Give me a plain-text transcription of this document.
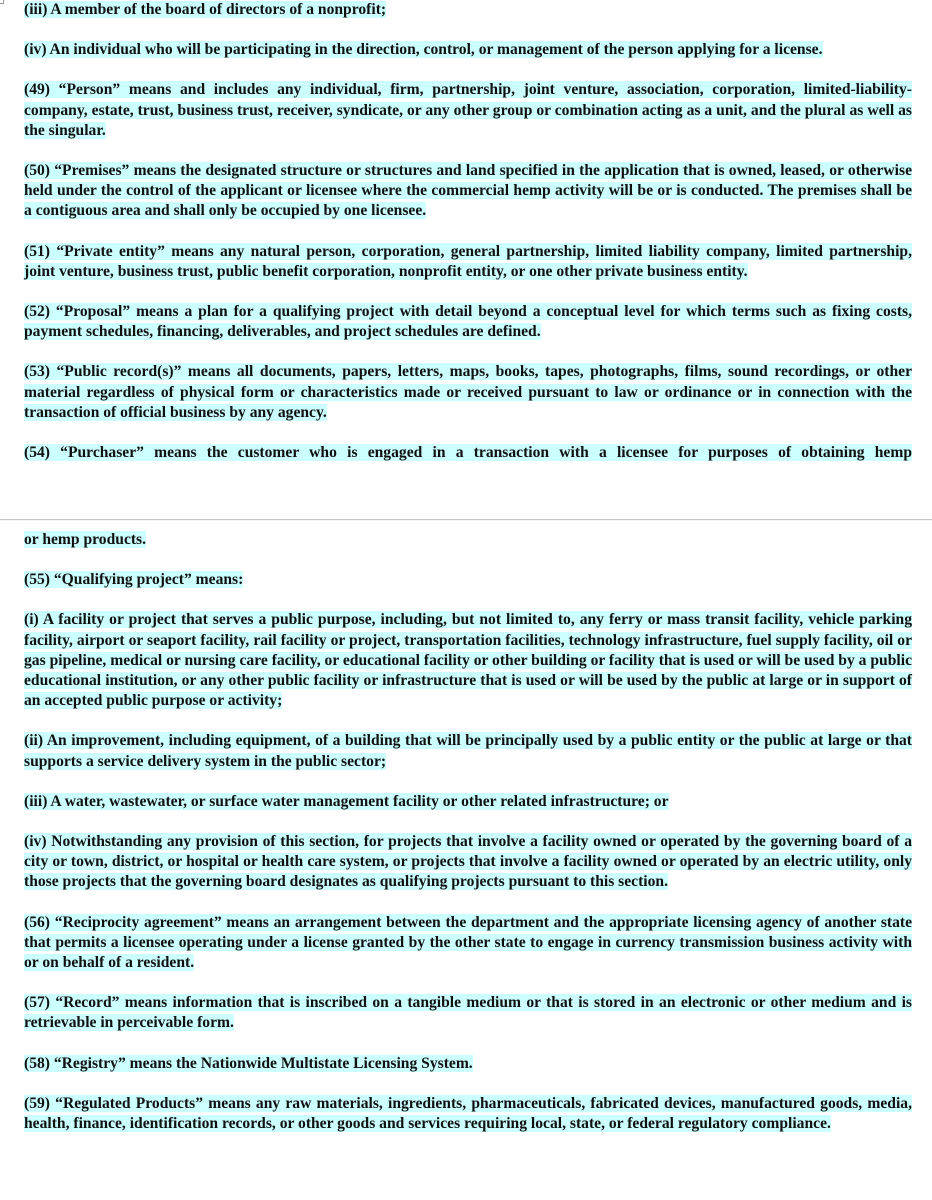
(iii) A member of the board of directors of a nonprofit;

(iv) An individual who will be participating in the direction, control, or management of the person applying for a license.

(49) “Person” means and includes any individual, firm, partnership, joint venture, association, corporation, limited-liability-company, estate, trust, business trust, receiver, syndicate, or any other group or combination acting as a unit, and the plural as well as the singular.

(50) “Premises” means the designated structure or structures and land specified in the application that is owned, leased, or otherwise held under the control of the applicant or licensee where the commercial hemp activity will be or is conducted. The premises shall be a contiguous area and shall only be occupied by one licensee.

(51) “Private entity” means any natural person, corporation, general partnership, limited liability company, limited partnership, joint venture, business trust, public benefit corporation, nonprofit entity, or one other private business entity.

(52) “Proposal” means a plan for a qualifying project with detail beyond a conceptual level for which terms such as fixing costs, payment schedules, financing, deliverables, and project schedules are defined.

(53) “Public record(s)” means all documents, papers, letters, maps, books, tapes, photographs, films, sound recordings, or other material regardless of physical form or characteristics made or received pursuant to law or ordinance or in connection with the transaction of official business by any agency.

(54) “Purchaser” means the customer who is engaged in a transaction with a licensee for purposes of obtaining hemp

or hemp products.

(55) “Qualifying project” means:

(i) A facility or project that serves a public purpose, including, but not limited to, any ferry or mass transit facility, vehicle parking facility, airport or seaport facility, rail facility or project, transportation facilities, technology infrastructure, fuel supply facility, oil or gas pipeline, medical or nursing care facility, or educational facility or other building or facility that is used or will be used by a public educational institution, or any other public facility or infrastructure that is used or will be used by the public at large or in support of an accepted public purpose or activity;

(ii) An improvement, including equipment, of a building that will be principally used by a public entity or the public at large or that supports a service delivery system in the public sector;

(iii) A water, wastewater, or surface water management facility or other related infrastructure; or

(iv) Notwithstanding any provision of this section, for projects that involve a facility owned or operated by the governing board of a city or town, district, or hospital or health care system, or projects that involve a facility owned or operated by an electric utility, only those projects that the governing board designates as qualifying projects pursuant to this section.

(56) “Reciprocity agreement” means an arrangement between the department and the appropriate licensing agency of another state that permits a licensee operating under a license granted by the other state to engage in currency transmission business activity with or on behalf of a resident.

(57) “Record” means information that is inscribed on a tangible medium or that is stored in an electronic or other medium and is retrievable in perceivable form.

(58) “Registry” means the Nationwide Multistate Licensing System.

(59) “Regulated Products” means any raw materials, ingredients, pharmaceuticals, fabricated devices, manufactured goods, media, health, finance, identification records, or other goods and services requiring local, state, or federal regulatory compliance.
